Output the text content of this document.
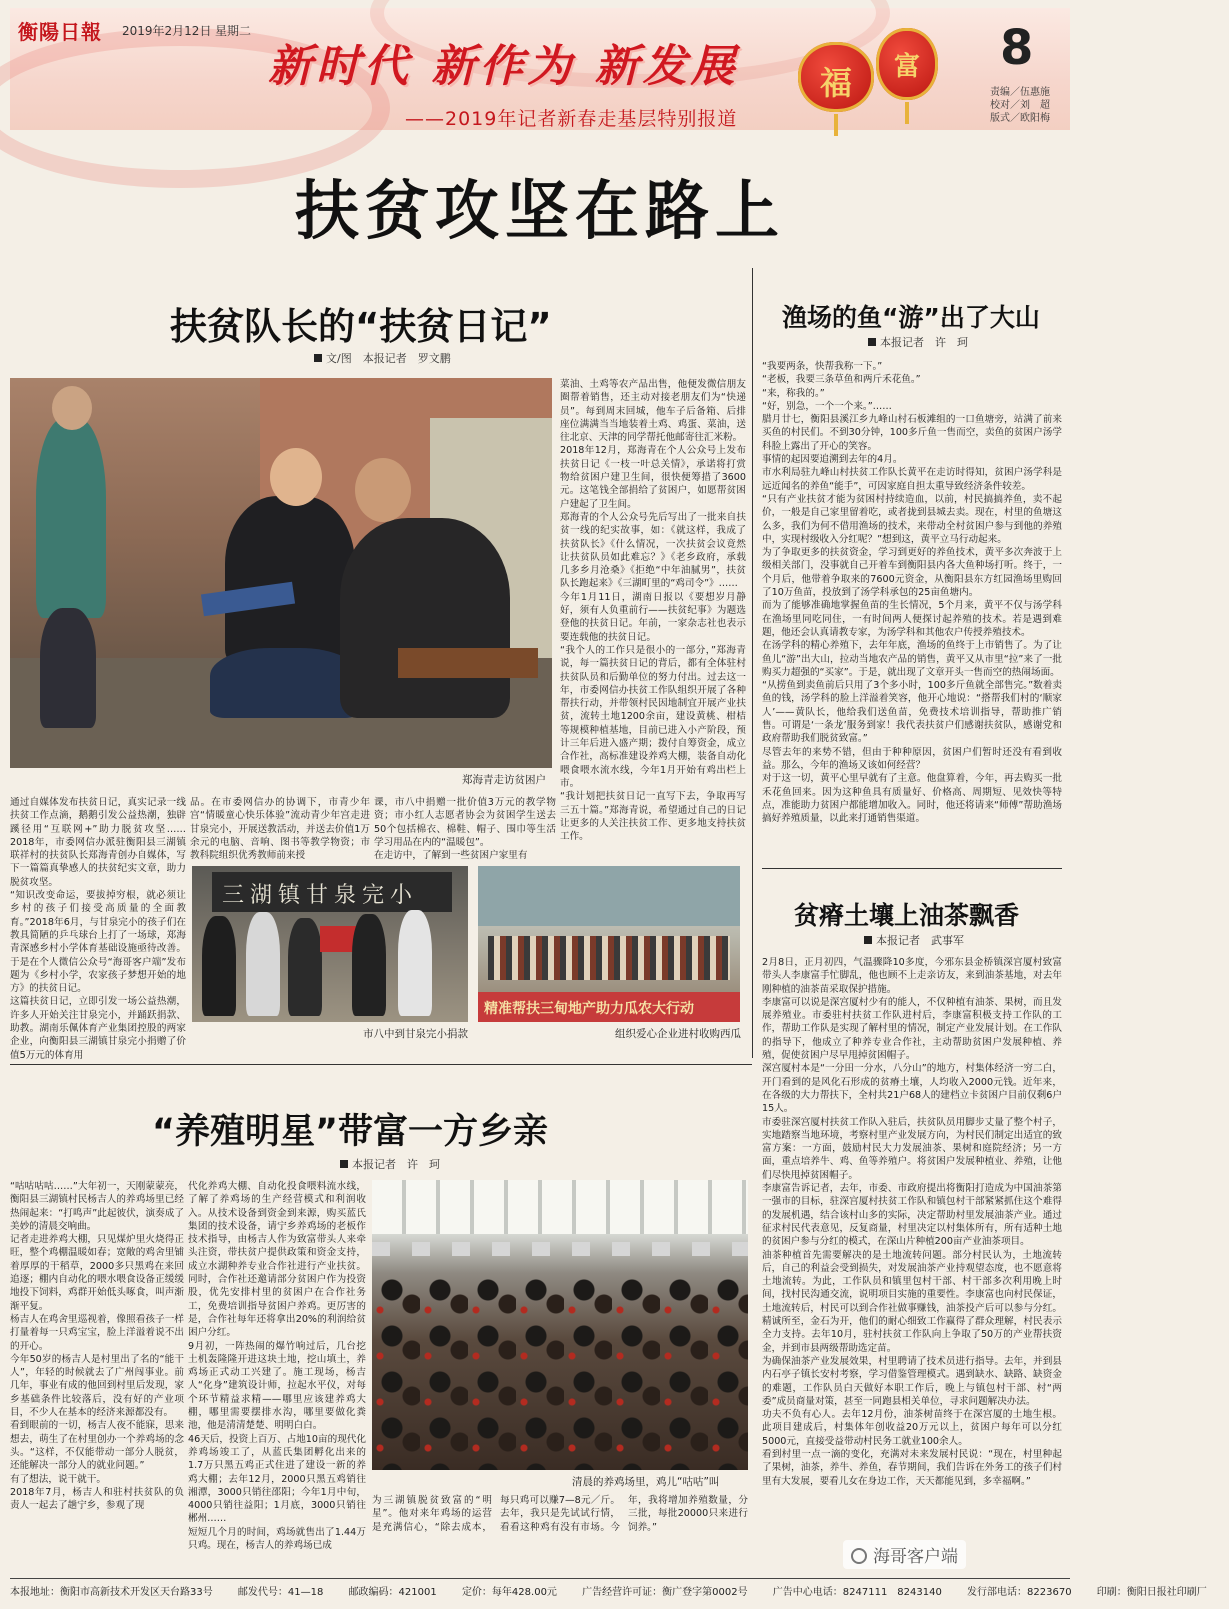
衡陽日報 2019年2月12日 星期二
新时代 新作为 新发展
——2019年记者新春走基层特别报道
福	富	8
责编／伍惠施
校对／刘　超
版式／欧阳梅
扶贫攻坚在路上
扶贫队长的“扶贫日记”
文/图　本报记者　罗文鹏
郑海青走访贫困户
菜油、土鸡等农产品出售，他便发微信朋友圈帮着销售，还主动对接老朋友们为“快递员”。每到周末回城，他车子后备箱、后排座位满满当当地装着土鸡、鸡蛋、菜油，送往北京、天津的同学帮托他邮寄往汇米粉。
2018年12月，郑海青在个人公众号上发布扶贫日记《一枝一叶总关情》，承诺将打赏物给贫困户建卫生间，很快便筹措了3600元。这笔钱全部捐给了贫困户，如愿帮贫困户建起了卫生间。
郑海青的个人公众号先后写出了一批来自扶贫一线的纪实故事，如：《就这样，我成了扶贫队长》《什么情况，一次扶贫会议竟然让扶贫队员如此难忘？》《老乡政府，承载几多乡月沧桑》《拒绝“中年油腻男”，扶贫队长跑起来》《三湖町里的“鸡司令”》……
今年1月11日，湖南日报以《要想岁月静好，须有人负重前行——扶贫纪事》为题选登他的扶贫日记。年前，一家杂志社也表示要连载他的扶贫日记。
“我个人的工作只是很小的一部分，”郑海青说，每一篇扶贫日记的背后，都有全体驻村扶贫队员和后勤单位的努力付出。过去这一年，市委网信办扶贫工作队组织开展了各种帮扶行动，并带领村民因地制宜开展产业扶贫，流转土地1200余亩，建设黄桃、柑桔等规模种植基地，目前已进入小产阶段，预计三年后进入盛产期；拨付自筹资金，成立合作社，高标准建设养鸡大棚，装备自动化喂食喂水流水线，今年1月开始有鸡出栏上市。
“我计划把扶贫日记一直写下去，争取再写三五十篇。”郑海青说，希望通过自己的日记让更多的人关注扶贫工作、更多地支持扶贫工作。
通过自媒体发布扶贫日记，真实记录一线扶贫工作点滴，鹅鹅引发公益热潮，独辟蹊径用“互联网+”助力脱贫攻坚……2018年，市委网信办派驻衡阳县三湖镇联祥村的扶贫队长郑海青创办自媒体，写下一篇篇真挚感人的扶贫纪实文章，助力脱贫攻坚。
“知识改变命运，要拔掉穷根，就必须让乡村的孩子们接受高质量的全面教育。”2018年6月，与甘泉完小的孩子们在教具简陋的乒乓球台上打了一场球，郑海青深感乡村小学体育基础设施亟待改善。于是在个人微信公众号“海哥客户端”发布题为《乡村小学，农家孩子梦想开始的地方》的扶贫日记。
这篇扶贫日记，立即引发一场公益热潮，许多人开始关注甘泉完小，并踊跃捐款、助教。湖南乐佩体育产业集团控股的两家企业，向衡阳县三湖镇甘泉完小捐赠了价值5万元的体育用
品。在市委网信办的协调下，市青少年宫“情暖童心快乐体验”流动青少年宫走进甘泉完小，开展送教活动，并送去价值1万余元的电脑、音响、图书等教学物资；市教科院组织优秀教师前来授
课，市八中捐赠一批价值3万元的教学物资；市小红人志愿者协会为贫困学生送去50个包括棉衣、棉鞋、帽子、围巾等生活学习用品在内的“温暖包”。
在走访中，了解到一些贫困户家里有
三湖镇甘泉完小
市八中到甘泉完小捐款
精准帮扶三甸地产助力瓜农大行动
组织爱心企业进村收购西瓜
渔场的鱼“游”出了大山
本报记者　许　珂
“我要两条，快帮我称一下。”
“老板，我要三条草鱼和两斤禾花鱼。”
“来，称我的。”
“好，别急，一个一个来。”……
腊月廿七，衡阳县溪江乡九峰山村石板滩组的一口鱼塘旁，站满了前来买鱼的村民们。不到30分钟，100多斤鱼一售而空，卖鱼的贫困户汤学科脸上露出了开心的笑容。
事情的起因要追溯到去年的4月。
市水利局驻九峰山村扶贫工作队长黄平在走访时得知，贫困户汤学科是远近闻名的养鱼“能手”，可因家庭自担太重导致经济条件较差。
“只有产业扶贫才能为贫困村持续造血，以前，村民搞搞养鱼，卖不起价，一般是自己家里留着吃，或者拢到县城去卖。现在，村里的鱼塘这么多，我们为何不借用渔场的技术，来带动全村贫困户参与到他的养殖中，实现村级收入分红呢？”想到这，黄平立马行动起来。
为了争取更多的扶贫资金，学习到更好的养鱼技术，黄平多次奔波于上级相关部门，没事就自己开着车到衡阳县内各大鱼种场打听。终于，一个月后，他带着争取来的7600元资金，从衡阳县东方红园渔场里购回了10万鱼苗，投放到了汤学科承包的25亩鱼塘内。
而为了能够准确地掌握鱼苗的生长情况，5个月来，黄平不仅与汤学科在渔场里同吃同住，一有时间两人便探讨起养殖的技术。若是遇到难题，他还会认真请教专家，为汤学科和其他农户传授养殖技术。
在汤学科的精心养殖下，去年年底，渔场的鱼终于上市销售了。为了让鱼儿“游”出大山，拉动当地农产品的销售，黄平又从市里“拉”来了一批购买力超强的“买家”。于是，就出现了文章开头一售而空的热闹场面。
“从捞鱼到卖鱼前后只用了3个多小时，100多斤鱼就全部售完。”数着卖鱼的钱，汤学科的脸上洋溢着笑容，他开心地说：“搭帮我们村的‘顺家人’——黄队长，他给我们送鱼苗，免费技术培训指导，帮助推广销售。可谓是‘一条龙’服务到家！我代表扶贫户们感谢扶贫队，感谢党和政府帮助我们脱贫致富。”
尽管去年的来势不错，但由于种种原因，贫困户们暂时还没有看到收益。那么，今年的渔场又该如何经营？
对于这一切，黄平心里早就有了主意。他盘算着，今年，再去购买一批禾花鱼回来。因为这种鱼具有质量好、价格高、周期短、见效快等特点，准能助力贫困户都能增加收入。同时，他还将请来“师傅”帮助渔场搞好养殖质量，以此来打通销售渠道。
贫瘠土壤上油茶飘香
本报记者　武事军
2月8日，正月初四，气温骤降10多度，今邪东县金桥镇深宫厦村致富带头人李康富手忙脚乱，他也顾不上走亲访友，来到油茶基地，对去年刚种植的油茶苗采取保护措施。
李康富可以说是深宫厦村少有的能人，不仅种植有油茶、果树，而且发展养殖业。市委驻村扶贫工作队进村后，李康富积极支持工作队的工作，帮助工作队是实现了解村里的情况，制定产业发展计划。在工作队的指导下，他成立了种养专业合作社，主动帮助贫困户发展种植、养殖，促使贫困户尽早甩掉贫困帽子。
深宫厦村本是“一分田一分水，八分山”的地方，村集体经济一穷二白，开门看到的是风化石形成的贫瘠土壤，人均收入2000元钱。近年来，在各级的大力帮扶下，全村共21户68人的建档立卡贫困户目前仅剩6户15人。
市委驻深宫厦村扶贫工作队入驻后，扶贫队员用脚步丈量了整个村子，实地踏察当地环境，考察村里产业发展方向，为村民们制定出适宜的致富方案：一方面，鼓励村民大力发展油茶、果树和庭院经济；另一方面，重点培养牛、鸡、鱼等养殖户。将贫困户发展种植业、养殖，让他们尽快甩掉贫困帽子。
李康富告诉记者，去年，市委、市政府提出将衡阳打造成为中国油茶第一强市的目标，驻深宫厦村扶贫工作队和镇包村干部紧紧抓住这个难得的发展机遇，结合该村山多的实际，决定帮助村里发展油茶产业。通过征求村民代表意见，反复商量，村里决定以村集体所有，所有适种土地的贫困户参与分红的模式，在深山片种植200亩产业油茶项目。
油茶种植首先需要解决的是土地流转问题。部分村民认为，土地流转后，自己的利益会受到损失，对发展油茶产业持观望态度，也不愿意将土地流转。为此，工作队员和镇里包村干部、村干部多次利用晚上时间，找村民沟通交流，说明项目实施的重要性。李康富也向村民保证，土地流转后，村民可以到合作社做事赚钱，油茶投产后可以参与分红。精诚所至，金石为开，他们的耐心细致工作赢得了群众理解，村民表示全力支持。去年10月，驻村扶贫工作队向上争取了50万的产业帮扶资金，并到市县两级帮助选定苗。
为确保油茶产业发展效果，村里聘请了技术员进行指导。去年，并到县内石亭子镇长安村考察，学习借鉴管理模式。遇到缺水、缺路、缺资金的难题，工作队员白天做好本职工作后，晚上与镇包村干部、村“两委”成员商量对策，甚至一同跑县相关单位，寻求问题解决办法。
功夫不负有心人。去年12月份，油茶树苗终于在深宫厦的土地生根。此项目建成后，村集体年创收益20万元以上，贫困户每年可以分红5000元，直接受益带动村民务工就业100余人。
看到村里一点一滴的变化，充满对未来发展村民说：“现在，村里种起了果树，油茶，养牛、养鱼，春节期间，我们告诉在外务工的孩子们村里有大发展，要看儿女在身边工作，天天都能见到，多幸福啊。”
“养殖明星”带富一方乡亲
本报记者　许　珂
“咕咕咕咕……”大年初一，天刚蒙蒙亮，衡阳县三湖镇村民杨吉人的养鸡场里已经热闹起来：“打鸣声”此起彼伏，演奏成了美妙的清晨交响曲。
记者走进养鸡大棚，只见煤炉里火烧得正旺，整个鸡棚温暖如春；宽敞的鸡舍里铺着厚厚的干稻草，2000多只黑鸡在来回追逐；棚内自动化的喂水喂食设备正缓缓地投下饲料，鸡群开始低头啄食，叫声渐渐平复。
杨吉人在鸡舍里巡视着，像照看孩子一样打量着每一只鸡宝宝，脸上洋溢着说不出的开心。
今年50岁的杨吉人是村里出了名的“能干人”，年轻的时候就去了广州闯事业。前几年，事业有成的他回到村里后发现，家乡基础条件比较落后，没有好的产业项目，不少人在基本的经济来源都没有。
看到眼前的一切，杨吉人夜不能寐，思来想去，萌生了在村里创办一个养鸡场的念头。“这样，不仅能带动一部分人脱贫，还能解决一部分人的就业问题。”
有了想法，说干就干。
2018年7月，杨吉人和驻村扶贫队的负责人一起去了趟宁乡，参观了现
代化养鸡大棚、自动化投食喂料流水线，了解了养鸡场的生产经营模式和利润收入。从技术设备到资金到来源，购买蓝氏集团的技术设备，请宁乡养鸡场的老板作技术指导，由杨吉人作为致富带头人来牵头注资，带扶贫户提供政策和资金支持，成立水湖种养专业合作社进行产业扶贫。同时，合作社还邀请部分贫困户作为投资股，优先安排村里的贫困户在合作社务工，免费培训指导贫困户养鸡。更厉害的是，合作社每年还将拿出20%的利润给贫困户分红。
9月初，一阵热闹的爆竹响过后，几台挖土机轰隆隆开进这块土地，挖山填土，养鸡场正式动工兴建了。施工现场，杨吉人“化身”建筑设计师，拉起水平仪，对每个环节精益求精——哪里应该建养鸡大棚，哪里需要摆排水沟，哪里要做化粪池，他是清清楚楚、明明白白。
46天后，投资上百万、占地10亩的现代化养鸡场竣工了，从蓝氏集团孵化出来的1.7万只黑五鸡正式住进了建设一新的养鸡大棚；去年12月，2000只黑五鸡销往湘潭，3000只销往邵阳；今年1月中旬，4000只销往益阳；1月底，3000只销往郴州……
短短几个月的时间，鸡场就售出了1.44万只鸡。现在，杨吉人的养鸡场已成
清晨的养鸡场里，鸡儿“咕咕”叫
为三湖镇脱贫致富的“明星”。他对来年鸡场的运营是充满信心，“除去成本，每只鸡可以赚7—8元／斤。去年，我只是先试试行情，看看这种鸡有没有市场。今年，我将增加养殖数量，分三批，每批20000只来进行饲养。”
海哥客户端
本报地址：衡阳市高新技术开发区天台路33号	邮发代号：41—18	邮政编码：421001	定价：每年428.00元	广告经营许可证：衡广登字第0002号	广告中心电话：8247111　8243140	发行部电话：8223670	印刷：衡阳日报社印刷厂
